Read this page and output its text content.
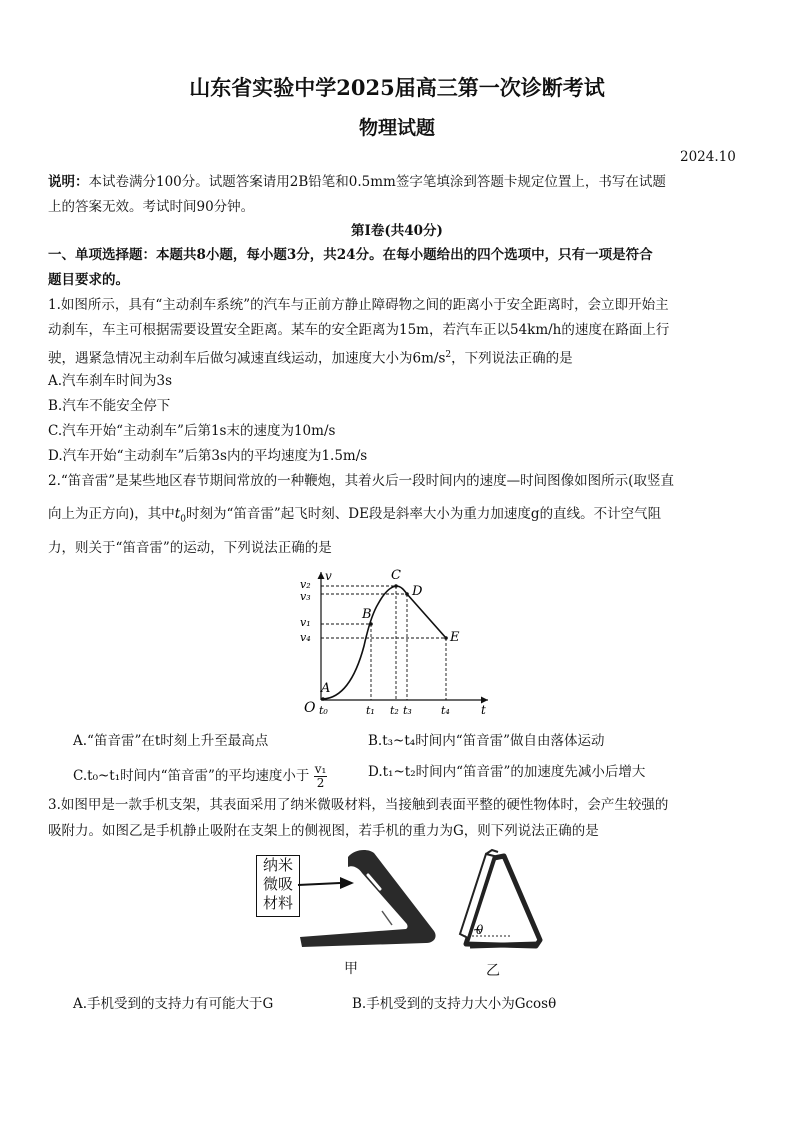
山东省实验中学2025届高三第一次诊断考试
物理试题
2024.10
说明：本试卷满分100分。试题答案请用2B铅笔和0.5mm签字笔填涂到答题卡规定位置上，书写在试题
上的答案无效。考试时间90分钟。
第Ⅰ卷(共40分)
一、单项选择题：本题共8小题，每小题3分，共24分。在每小题给出的四个选项中，只有一项是符合
题目要求的。
1.如图所示，具有“主动刹车系统”的汽车与正前方静止障碍物之间的距离小于安全距离时，会立即开始主
动刹车，车主可根据需要设置安全距离。某车的安全距离为15m，若汽车正以54km/h的速度在路面上行
驶，遇紧急情况主动刹车后做匀减速直线运动，加速度大小为$6m/s^2$，下列说法正确的是
A.汽车刹车时间为3s
B.汽车不能安全停下
C.汽车开始“主动刹车”后第1s末的速度为10m/s
D.汽车开始“主动刹车”后第3s内的平均速度为1.5m/s
2.“笛音雷”是某些地区春节期间常放的一种鞭炮，其着火后一段时间内的速度—时间图像如图所示(取竖直
向上为正方向)，其中$t_0$时刻为“笛音雷”起飞时刻、DE段是斜率大小为重力加速度g的直线。不计空气阻
力，则关于“笛音雷”的运动，下列说法正确的是
v
t
O
A
B
C
D
E
v₂
v₃
v₁
v₄
t₀	t₁ t₂ t₃	t₄
A.“笛音雷”在t时刻上升至最高点	B.t₃~t₄时间内“笛音雷”做自由落体运动
C.t₀~t₁时间内“笛音雷”的平均速度小于 $\frac{\text{v₁}}{2}$	D.t₁~t₂时间内“笛音雷”的加速度先减小后增大
3.如图甲是一款手机支架，其表面采用了纳米微吸材料，当接触到表面平整的硬性物体时，会产生较强的
吸附力。如图乙是手机静止吸附在支架上的侧视图，若手机的重力为G，则下列说法正确的是
纳米
微吸
材料
甲
θ
乙
A.手机受到的支持力有可能大于G	B.手机受到的支持力大小为Gcosθ
